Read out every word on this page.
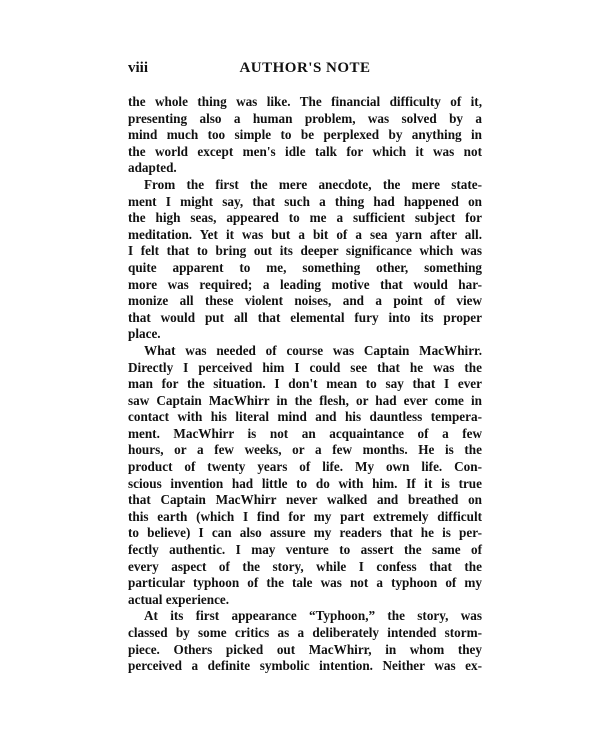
viii	AUTHOR'S NOTE
the whole thing was like. The financial difficulty of it,
presenting also a human problem, was solved by a
mind much too simple to be perplexed by anything in
the world except men's idle talk for which it was not
adapted.
From the first the mere anecdote, the mere state-
ment I might say, that such a thing had happened on
the high seas, appeared to me a sufficient subject for
meditation. Yet it was but a bit of a sea yarn after all.
I felt that to bring out its deeper significance which was
quite apparent to me, something other, something
more was required; a leading motive that would har-
monize all these violent noises, and a point of view
that would put all that elemental fury into its proper
place.
What was needed of course was Captain MacWhirr.
Directly I perceived him I could see that he was the
man for the situation. I don't mean to say that I ever
saw Captain MacWhirr in the flesh, or had ever come in
contact with his literal mind and his dauntless tempera-
ment. MacWhirr is not an acquaintance of a few
hours, or a few weeks, or a few months. He is the
product of twenty years of life. My own life. Con-
scious invention had little to do with him. If it is true
that Captain MacWhirr never walked and breathed on
this earth (which I find for my part extremely difficult
to believe) I can also assure my readers that he is per-
fectly authentic. I may venture to assert the same of
every aspect of the story, while I confess that the
particular typhoon of the tale was not a typhoon of my
actual experience.
At its first appearance “Typhoon,” the story, was
classed by some critics as a deliberately intended storm-
piece. Others picked out MacWhirr, in whom they
perceived a definite symbolic intention. Neither was ex-
